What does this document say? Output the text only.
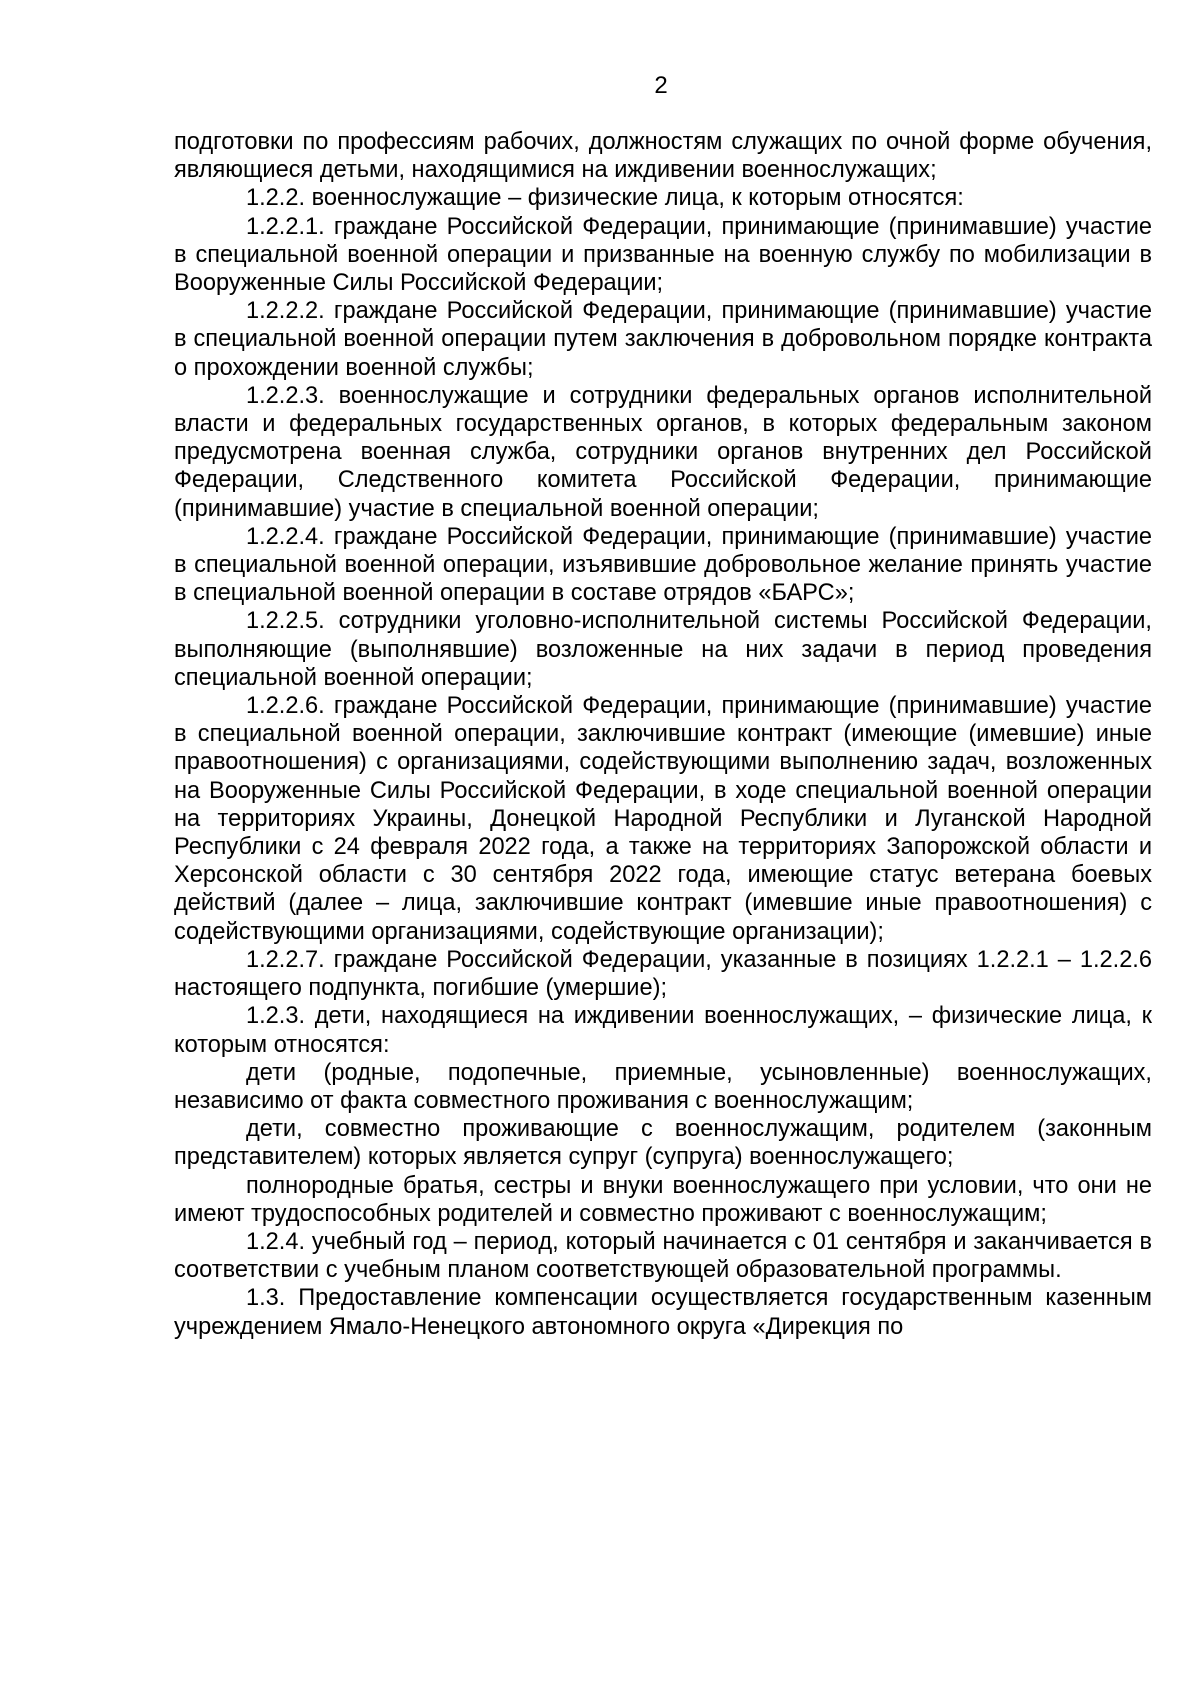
2

подготовки по профессиям рабочих, должностям служащих по очной форме обучения, являющиеся детьми, находящимися на иждивении военнослужащих;

1.2.2. военнослужащие – физические лица, к которым относятся:

1.2.2.1. граждане Российской Федерации, принимающие (принимавшие) участие в специальной военной операции и призванные на военную службу по мобилизации в Вооруженные Силы Российской Федерации;

1.2.2.2. граждане Российской Федерации, принимающие (принимавшие) участие в специальной военной операции путем заключения в добровольном порядке контракта о прохождении военной службы;

1.2.2.3. военнослужащие и сотрудники федеральных органов исполнительной власти и федеральных государственных органов, в которых федеральным законом предусмотрена военная служба, сотрудники органов внутренних дел Российской Федерации, Следственного комитета Российской Федерации, принимающие (принимавшие) участие в специальной военной операции;

1.2.2.4. граждане Российской Федерации, принимающие (принимавшие) участие в специальной военной операции, изъявившие добровольное желание принять участие в специальной военной операции в составе отрядов «БАРС»;

1.2.2.5. сотрудники уголовно-исполнительной системы Российской Федерации, выполняющие (выполнявшие) возложенные на них задачи в период проведения специальной военной операции;

1.2.2.6. граждане Российской Федерации, принимающие (принимавшие) участие в специальной военной операции, заключившие контракт (имеющие (имевшие) иные правоотношения) с организациями, содействующими выполнению задач, возложенных на Вооруженные Силы Российской Федерации, в ходе специальной военной операции на территориях Украины, Донецкой Народной Республики и Луганской Народной Республики с 24 февраля 2022 года, а также на территориях Запорожской области и Херсонской области с 30 сентября 2022 года, имеющие статус ветерана боевых действий (далее – лица, заключившие контракт (имевшие иные правоотношения) с содействующими организациями, содействующие организации);

1.2.2.7. граждане Российской Федерации, указанные в позициях 1.2.2.1 – 1.2.2.6 настоящего подпункта, погибшие (умершие);

1.2.3. дети, находящиеся на иждивении военнослужащих, – физические лица, к которым относятся:

дети (родные, подопечные, приемные, усыновленные) военнослужащих, независимо от факта совместного проживания с военнослужащим;

дети, совместно проживающие с военнослужащим, родителем (законным представителем) которых является супруг (супруга) военнослужащего;

полнородные братья, сестры и внуки военнослужащего при условии, что они не имеют трудоспособных родителей и совместно проживают с военнослужащим;

1.2.4. учебный год – период, который начинается с 01 сентября и заканчивается в соответствии с учебным планом соответствующей образовательной программы.

1.3. Предоставление компенсации осуществляется государственным казенным учреждением Ямало-Ненецкого автономного округа «Дирекция по
